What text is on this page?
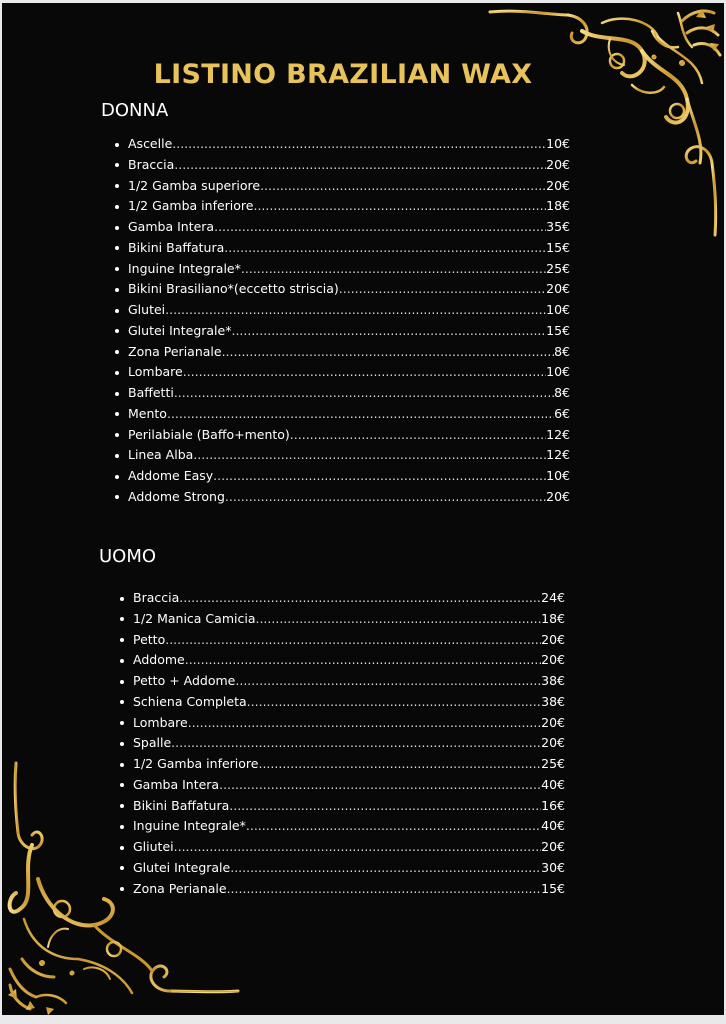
LISTINO BRAZILIAN WAX
DONNA
Ascelle .....	10€
Braccia .....	20€
1/2 Gamba superiore .....	20€
1/2 Gamba inferiore .....	18€
Gamba Intera .....	35€
Bikini Baffatura .....	15€
Inguine Integrale* .....	25€
Bikini Brasiliano*(eccetto striscia) .....	20€
Glutei .....	10€
Glutei Integrale* .....	15€
Zona Perianale .....	8€
Lombare .....	10€
Baffetti .....	8€
Mento .....	6€
Perilabiale (Baffo+mento) .....	12€
Linea Alba .....	12€
Addome Easy .....	10€
Addome Strong .....	20€
UOMO
Braccia .....	24€
1/2 Manica Camicia .....	18€
Petto .....	20€
Addome .....	20€
Petto + Addome .....	38€
Schiena Completa .....	38€
Lombare .....	20€
Spalle .....	20€
1/2 Gamba inferiore .....	25€
Gamba Intera .....	40€
Bikini Baffatura .....	16€
Inguine Integrale* .....	40€
Gliutei .....	20€
Glutei Integrale .....	30€
Zona Perianale .....	15€
